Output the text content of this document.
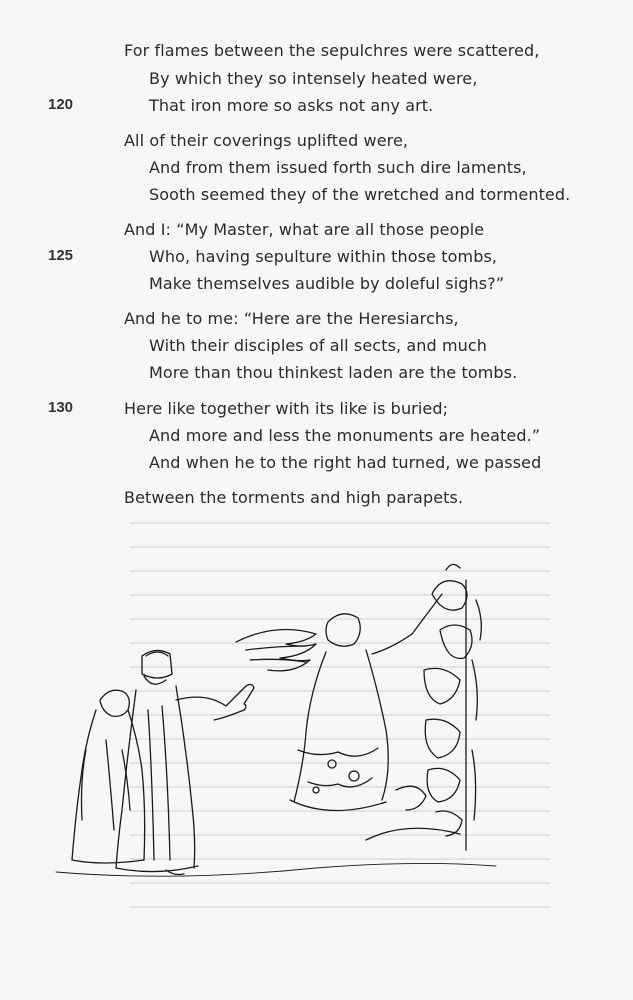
120
125
130
For flames between the sepulchres were scattered,
By which they so intensely heated were,
That iron more so asks not any art.
All of their coverings uplifted were,
And from them issued forth such dire laments,
Sooth seemed they of the wretched and tormented.
And I: “My Master, what are all those people
Who, having sepulture within those tombs,
Make themselves audible by doleful sighs?”
And he to me: “Here are the Heresiarchs,
With their disciples of all sects, and much
More than thou thinkest laden are the tombs.
Here like together with its like is buried;
And more and less the monuments are heated.”
And when he to the right had turned, we passed
Between the torments and high parapets.
